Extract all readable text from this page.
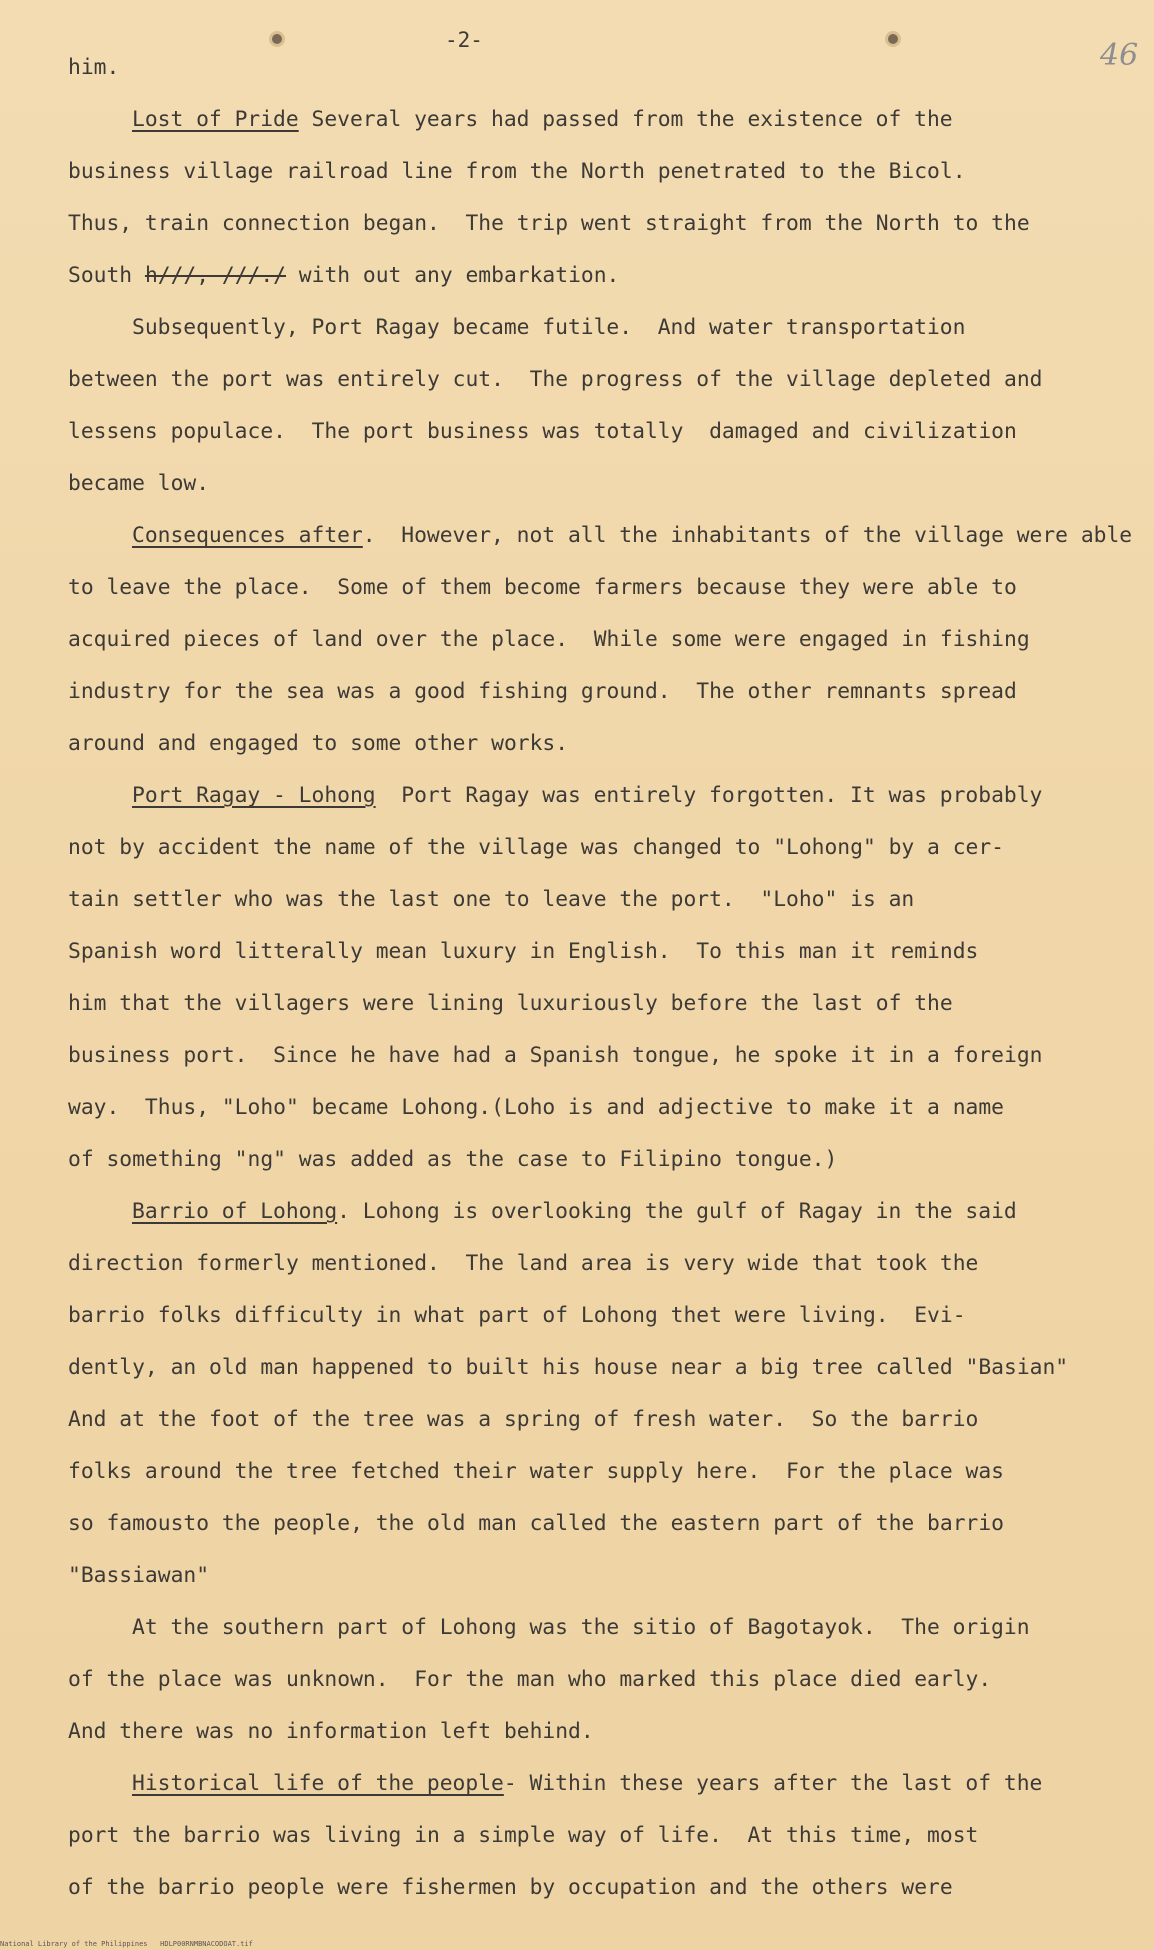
-2-	46
him.
Lost of Pride Several years had passed from the existence of the
business village railroad line from the North penetrated to the Bicol.
Thus, train connection began.  The trip went straight from the North to the
South h///, ///./ with out any embarkation.
Subsequently, Port Ragay became futile.  And water transportation
between the port was entirely cut.  The progress of the village depleted and
lessens populace.  The port business was totally  damaged and civilization
became low.
Consequences after.  However, not all the inhabitants of the village were able
to leave the place.  Some of them become farmers because they were able to
acquired pieces of land over the place.  While some were engaged in fishing
industry for the sea was a good fishing ground.  The other remnants spread
around and engaged to some other works.
Port Ragay - Lohong  Port Ragay was entirely forgotten. It was probably
not by accident the name of the village was changed to "Lohong" by a cer-
tain settler who was the last one to leave the port.  "Loho" is an
Spanish word litterally mean luxury in English.  To this man it reminds
him that the villagers were lining luxuriously before the last of the
business port.  Since he have had a Spanish tongue, he spoke it in a foreign
way.  Thus, "Loho" became Lohong.(Loho is and adjective to make it a name
of something "ng" was added as the case to Filipino tongue.)
Barrio of Lohong. Lohong is overlooking the gulf of Ragay in the said
direction formerly mentioned.  The land area is very wide that took the
barrio folks difficulty in what part of Lohong thet were living.  Evi-
dently, an old man happened to built his house near a big tree called "Basian"
And at the foot of the tree was a spring of fresh water.  So the barrio
folks around the tree fetched their water supply here.  For the place was
so famousto the people, the old man called the eastern part of the barrio
"Bassiawan"
At the southern part of Lohong was the sitio of Bagotayok.  The origin
of the place was unknown.  For the man who marked this place died early.
And there was no information left behind.
Historical life of the people- Within these years after the last of the
port the barrio was living in a simple way of life.  At this time, most
of the barrio people were fishermen by occupation and the others were
National Library of the Philippines   HDLP00RNMBNACODOAT.tif
